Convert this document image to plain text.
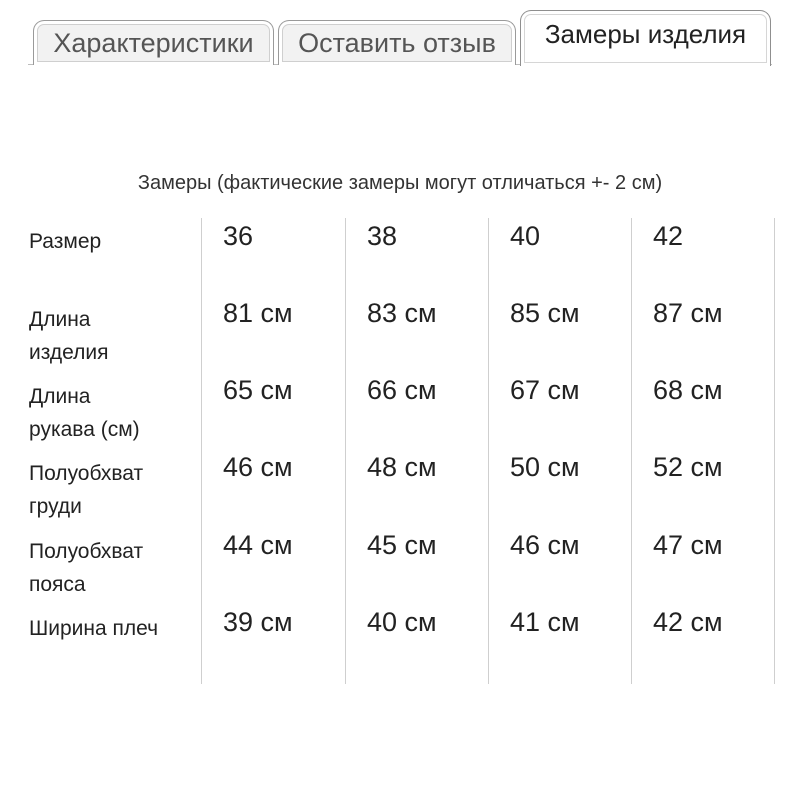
Характеристики	Оставить отзыв	Замеры изделия
Замеры (фактические замеры могут отличаться +- 2 см)
Размер	36	38	40	42
Длина
изделия
81 см	83 см	85 см	87 см
Длина
рукава (см)
65 см	66 см	67 см	68 см
Полуобхват
груди
46 см	48 см	50 см	52 см
Полуобхват
пояса
44 см	45 см	46 см	47 см
Ширина плеч	39 см	40 см	41 см	42 см
